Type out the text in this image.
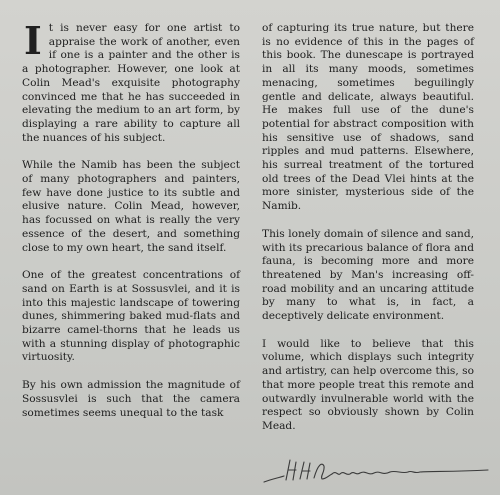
I t is never easy for one artist to appraise the work of another, even if one is a painter and the other is a photographer. However, one look at Colin Mead's exquisite photography convinced me that he has succeeded in elevating the medium to an art form, by displaying a rare ability to capture all the nuances of his subject.

While the Namib has been the subject of many photographers and painters, few have done justice to its subtle and elusive nature. Colin Mead, however, has focussed on what is really the very essence of the desert, and something close to my own heart, the sand itself.

One of the greatest concentrations of sand on Earth is at Sossusvlei, and it is into this majestic landscape of towering dunes, shimmering baked mud-flats and bizarre camel-thorns that he leads us with a stunning display of photographic virtuosity.

By his own admission the magnitude of Sossusvlei is such that the camera sometimes seems unequal to the task

of capturing its true nature, but there is no evidence of this in the pages of this book. The dunescape is portrayed in all its many moods, sometimes menacing, sometimes beguilingly gentle and delicate, always beautiful. He makes full use of the dune's potential for abstract composition with his sensitive use of shadows, sand ripples and mud patterns. Elsewhere, his surreal treatment of the tortured old trees of the Dead Vlei hints at the more sinister, mysterious side of the Namib.

This lonely domain of silence and sand, with its precarious balance of flora and fauna, is becoming more and more threatened by Man's increasing off-road mobility and an uncaring attitude by many to what is, in fact, a deceptively delicate environment.

I would like to believe that this volume, which displays such integrity and artistry, can help overcome this, so that more people treat this remote and outwardly invulnerable world with the respect so obviously shown by Colin Mead.
